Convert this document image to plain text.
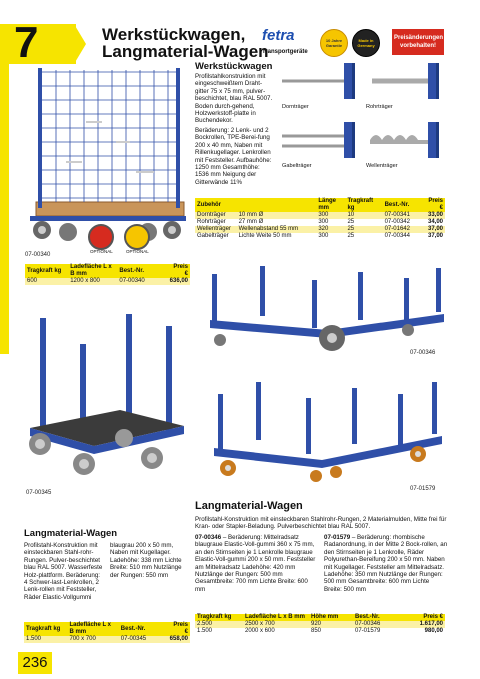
7	Werkstückwagen,
Langmaterial-Wagen
fetra
Transportgeräte
10 Jahre Garantie
Made in Germany
Preisänderungen vorbehalten!
OPTIONAL	OPTIONAL
07-00340
Tragkraft kg	Ladefläche L x B mm	Best.-Nr.	Preis €
600	1200 x 800	07-00340	636,00
Werkstückwagen
Profilstahlkonstruktion mit eingeschweißtem Draht-gitter 75 x 75 mm, pulver-beschichtet, blau RAL 5007. Boden durch-gehend, Holzwerkstoff-platte in Buchendekor.
Beräderung: 2 Lenk- und 2 Bockrollen, TPE-Berei-fung 200 x 40 mm, Naben mit Rillenkugellager. Lenkrollen mit Feststeller. Aufbauhöhe: 1250 mm Gesamthöhe: 1536 mm Neigung der Gitterwände 11%
Dornträger	Rohrträger
Gabelträger	Wellenträger
Zubehör		Länge mm	Tragkraft kg	Best.-Nr.	Preis €
Dornträger	10 mm Ø	300	10	07-00341	33,00
Rohrträger	27 mm Ø	300	25	07-00342	34,00
Wellenträger	Wellenabstand 55 mm	320	25	07-01642	37,00
Gabelträger	Lichte Weite 50 mm	300	25	07-00344	37,00
07-00346
07-00345
07-01579
Langmaterial-Wagen
Profilstahl-Konstruktion mit einsteckbaren Stahl-rohr-Rungen. Pulver-beschichtet blau RAL 5007. Wasserfeste Holz-plattform. Beräderung: 4 Schwer-last-Lenkrollen, 2 Lenk-rollen mit Feststeller, Räder Elastic-Vollgummi
blaugrau 200 x 50 mm, Naben mit Kugellager. Ladehöhe: 338 mm Lichte Breite: 510 mm Nutzlänge der Rungen: 550 mm
Tragkraft kg	Ladefläche L x B mm	Best.-Nr.	Preis €
1.500	700 x 700	07-00345	658,00
Langmaterial-Wagen
Profilstahl-Konstruktion mit einsteckbaren Stahlrohr-Rungen, 2 Materialmulden, Mitte frei für Kran- oder Stapler-Beladung. Pulverbeschichtet blau RAL 5007.
07-00346 – Beräderung: Mittelradsatz blaugraue Elastic-Voll-gummi 360 x 75 mm, an den Stirnseiten je 1 Lenkrolle blaugraue Elastic-Voll-gummi 200 x 50 mm. Feststeller am Mittelradsatz Ladehöhe: 420 mm Nutzlänge der Rungen: 500 mm Gesamtbreite: 700 mm Lichte Breite: 600 mm
07-01579 – Beräderung: rhombische Radanordnung, in der Mitte 2 Bock-rollen, an den Stirnseiten je 1 Lenkrolle, Räder Polyurethan-Bereifung 200 x 50 mm. Naben mit Kugellager. Feststeller am Mittelradsatz. Ladehöhe: 350 mm Nutzlänge der Rungen: 500 mm Gesamtbreite: 600 mm Lichte Breite: 500 mm
Tragkraft kg	Ladefläche L x B mm	Höhe mm	Best.-Nr.	Preis €
2.500	2500 x 700	920	07-00346	1.617,00
1.500	2000 x 600	850	07-01579	980,00
236
